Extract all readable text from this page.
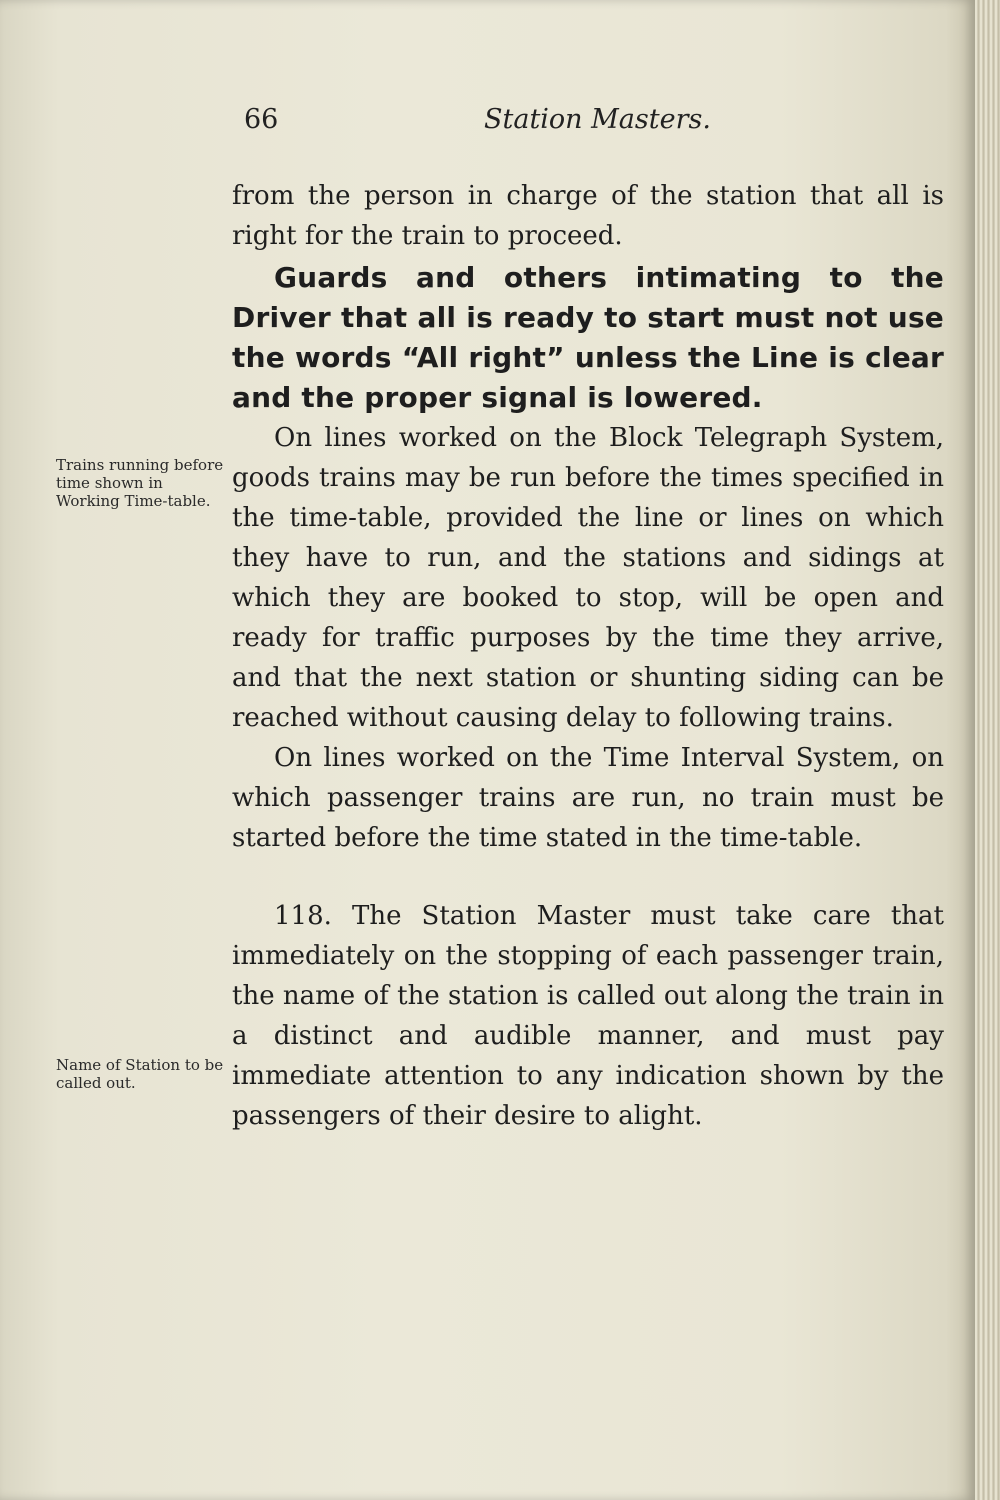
66	Station Masters.
Trains running before time shown in Working Time-table.
Name of Station to be called out.

from the person in charge of the station that all is right for the train to proceed.

Guards and others intimating to the Driver that all is ready to start must not use the words “All right” unless the Line is clear and the proper signal is lowered.

On lines worked on the Block Telegraph System, goods trains may be run before the times specified in the time-table, provided the line or lines on which they have to run, and the stations and sidings at which they are booked to stop, will be open and ready for traffic purposes by the time they arrive, and that the next station or shunting siding can be reached without causing delay to following trains.

On lines worked on the Time Interval System, on which passenger trains are run, no train must be started before the time stated in the time-table.

118. The Station Master must take care that immediately on the stopping of each passenger train, the name of the station is called out along the train in a distinct and audible manner, and must pay immediate attention to any indication shown by the passengers of their desire to alight.
